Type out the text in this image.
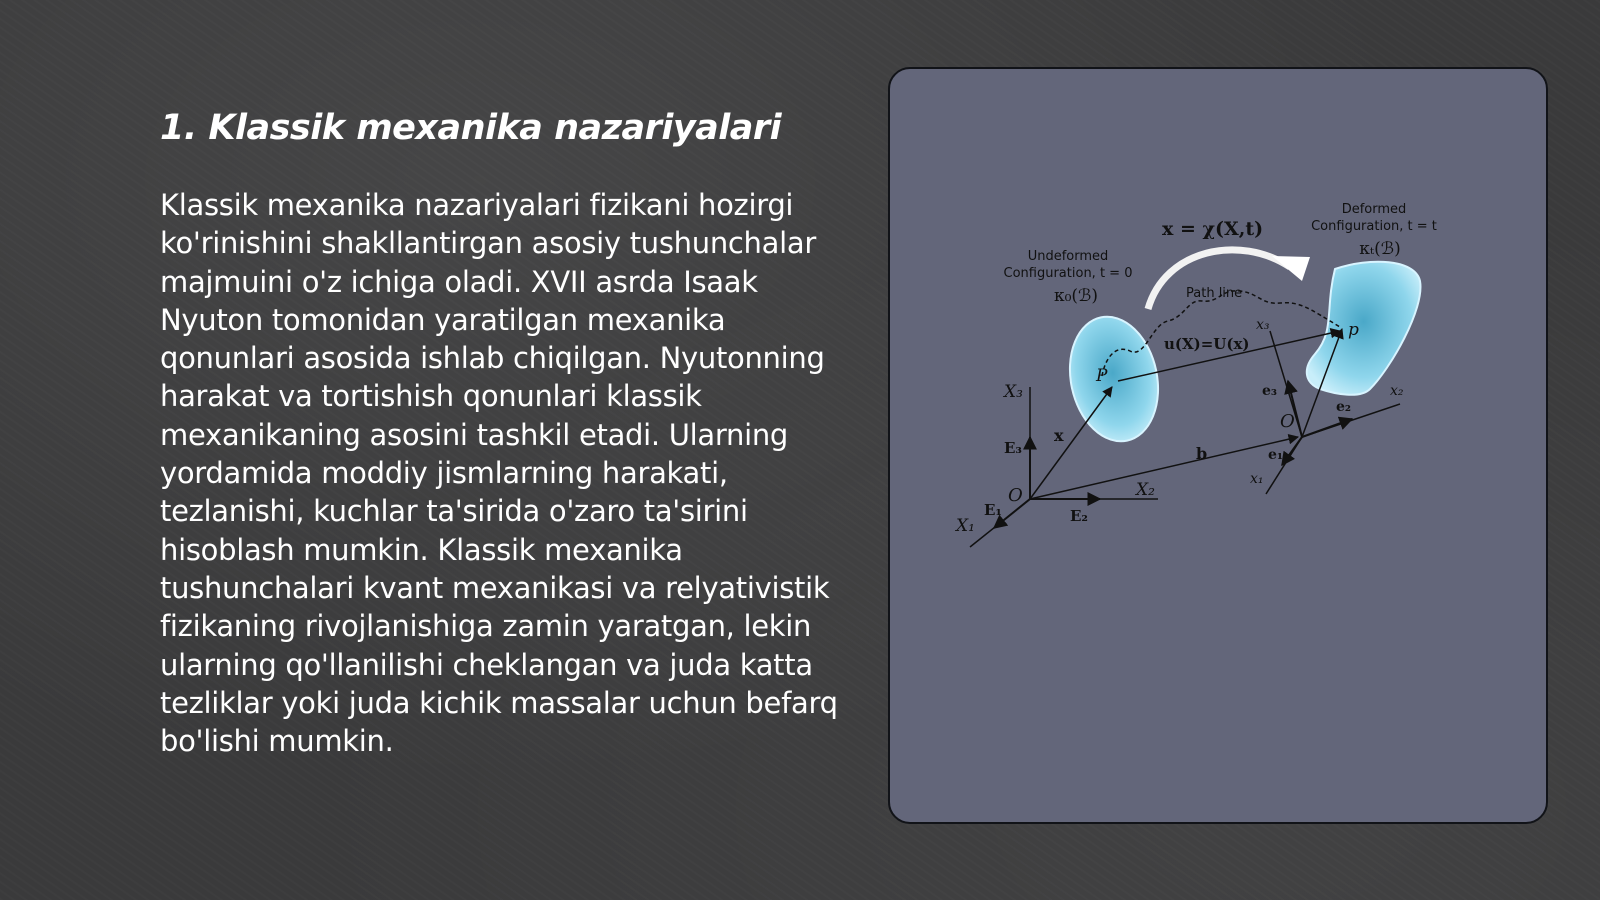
1. Klassik mexanika nazariyalari

Klassik mexanika nazariyalari fizikani hozirgi ko'rinishini shakllantirgan asosiy tushunchalar majmuini o'z ichiga oladi. XVII asrda Isaak Nyuton tomonidan yaratilgan mexanika qonunlari asosida ishlab chiqilgan. Nyutonning harakat va tortishish qonunlari klassik mexanikaning asosini tashkil etadi. Ularning yordamida moddiy jismlarning harakati, tezlanishi, kuchlar ta'sirida o'zaro ta'sirini hisoblash mumkin. Klassik mexanika tushunchalari kvant mexanikasi va relyativistik fizikaning rivojlanishiga zamin yaratgan, lekin ularning qo'llanilishi cheklangan va juda katta tezliklar yoki juda kichik massalar uchun befarq bo'lishi mumkin.

Undeformed
Configuration, t = 0
κ₀(ℬ)
Deformed
Configuration, t = t
κₜ(ℬ)
x = χ(X,t)
Path line
u(X)=U(x)
P
p
x
b
O
O
X₃
X₂
X₁
E₃
E₂
E₁
x₃
x₂
x₁
e₃
e₂
e₁
